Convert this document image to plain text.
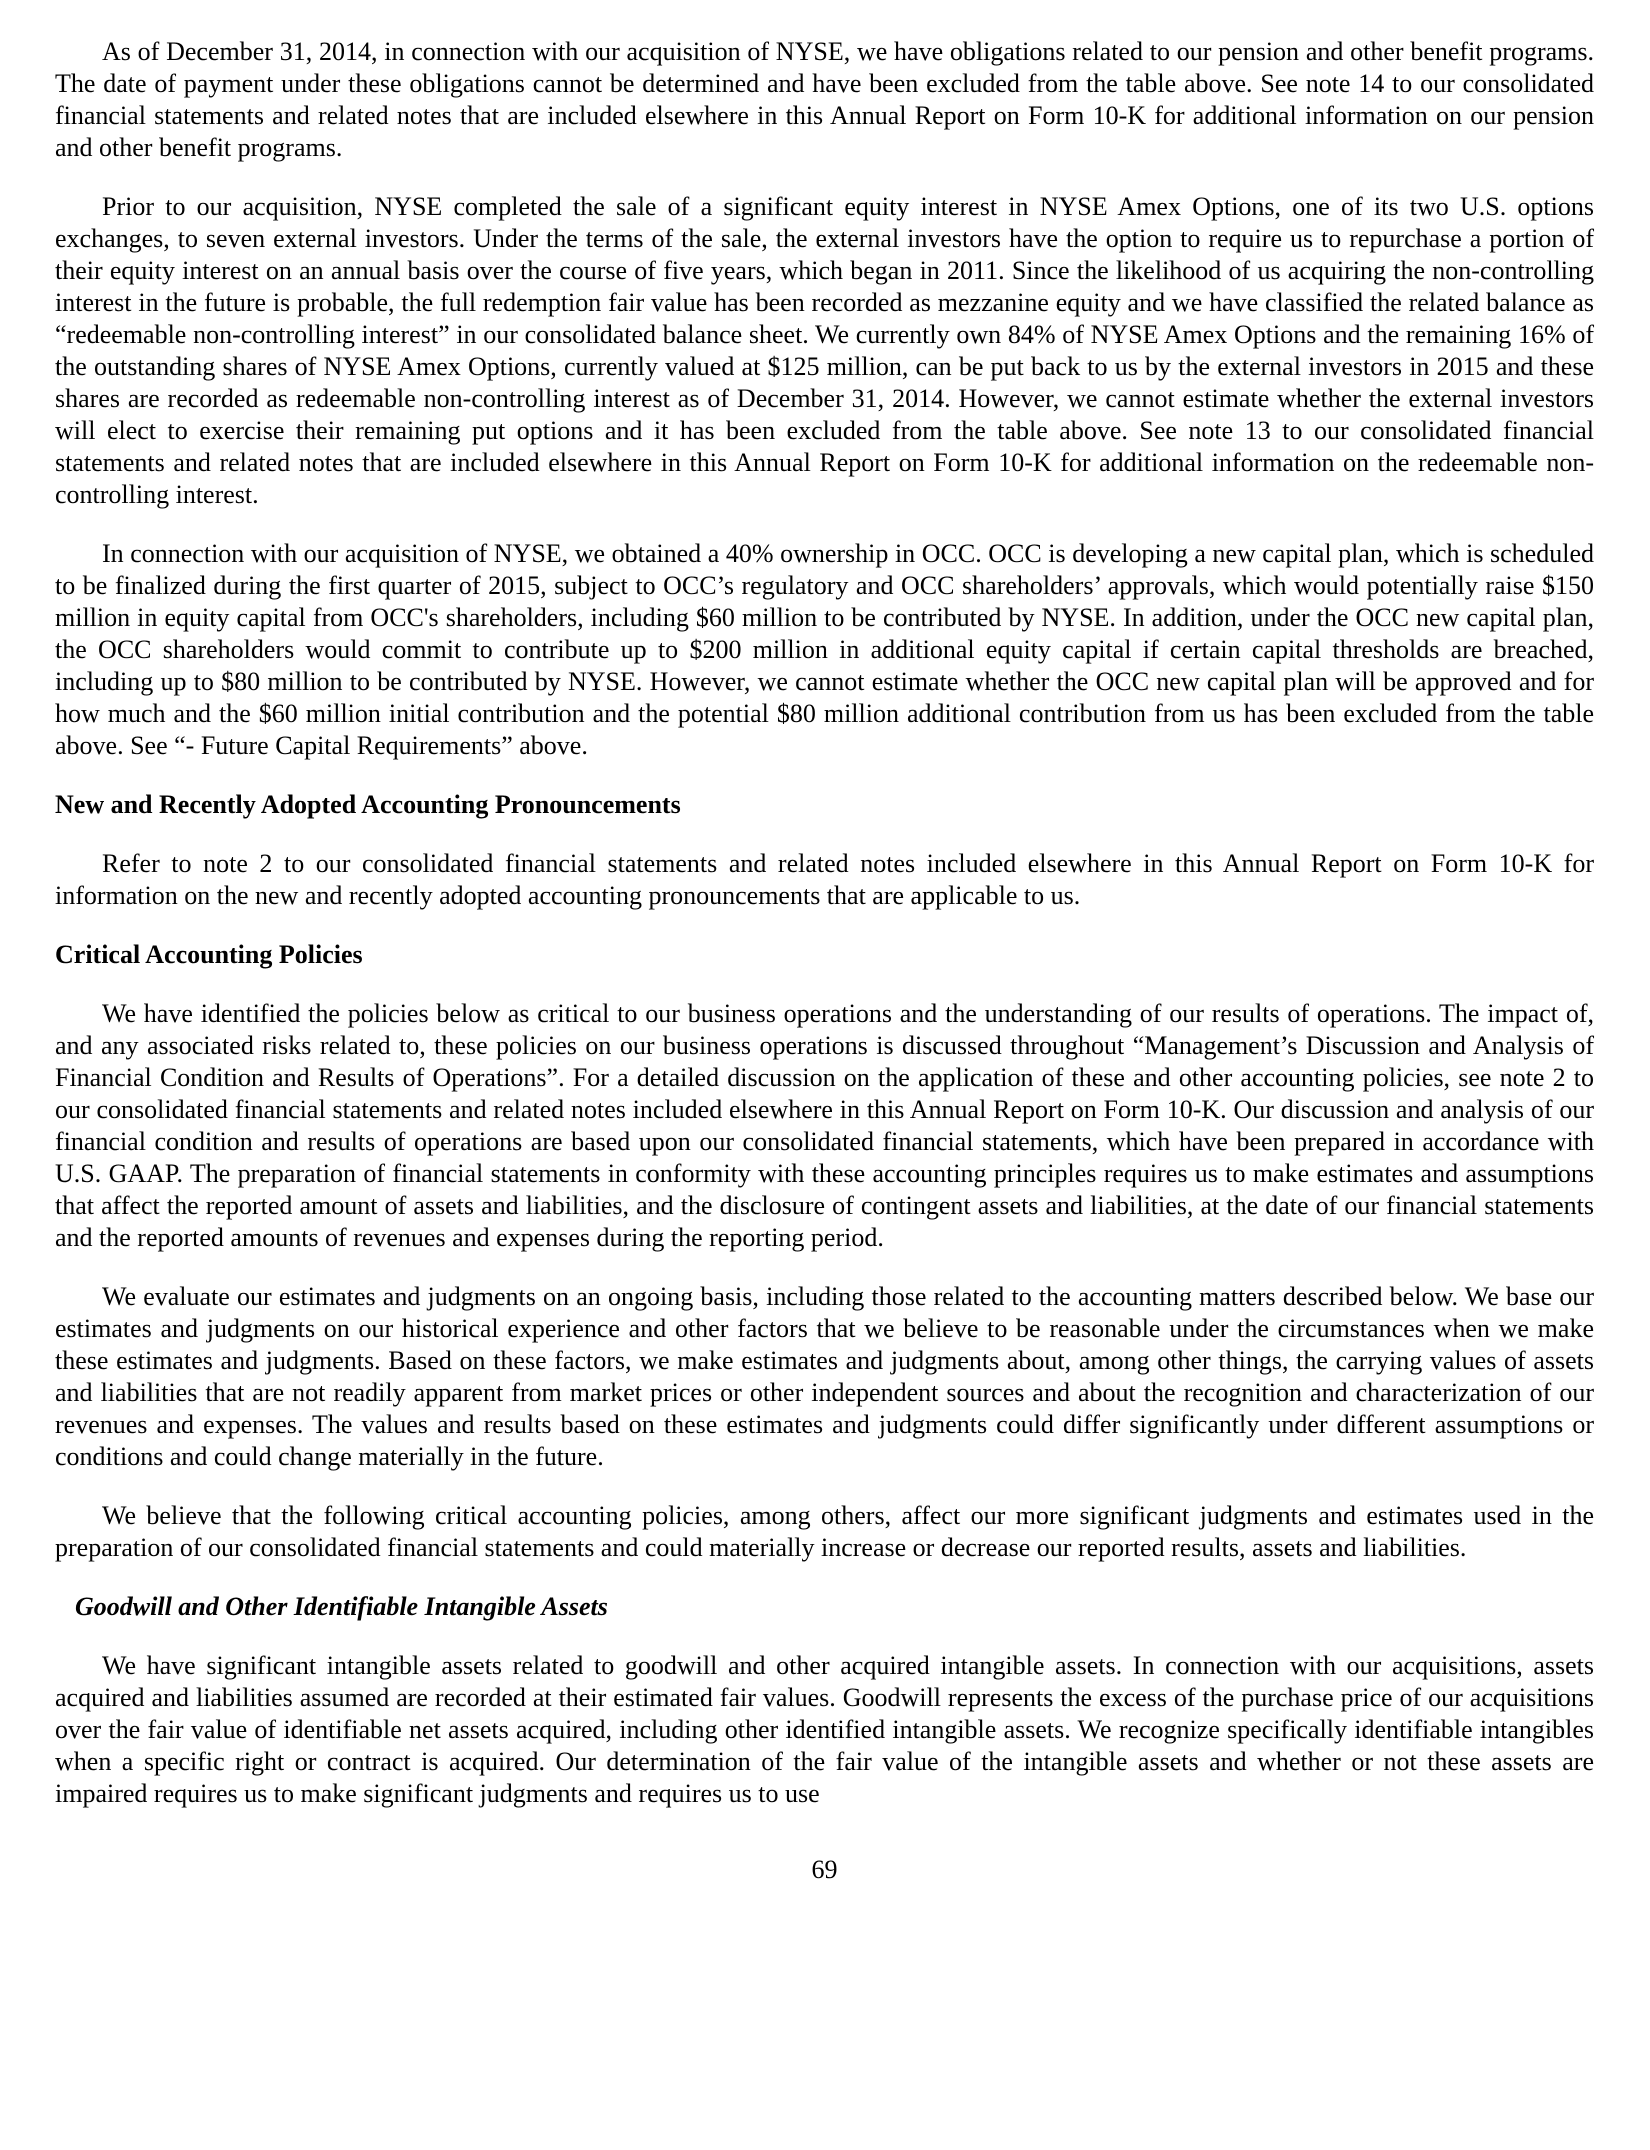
As of December 31, 2014, in connection with our acquisition of NYSE, we have obligations related to our pension and other benefit programs. The date of payment under these obligations cannot be determined and have been excluded from the table above. See note 14 to our consolidated financial statements and related notes that are included elsewhere in this Annual Report on Form 10-K for additional information on our pension and other benefit programs.

Prior to our acquisition, NYSE completed the sale of a significant equity interest in NYSE Amex Options, one of its two U.S. options exchanges, to seven external investors. Under the terms of the sale, the external investors have the option to require us to repurchase a portion of their equity interest on an annual basis over the course of five years, which began in 2011. Since the likelihood of us acquiring the non-controlling interest in the future is probable, the full redemption fair value has been recorded as mezzanine equity and we have classified the related balance as “redeemable non-controlling interest” in our consolidated balance sheet. We currently own 84% of NYSE Amex Options and the remaining 16% of the outstanding shares of NYSE Amex Options, currently valued at $125 million, can be put back to us by the external investors in 2015 and these shares are recorded as redeemable non-controlling interest as of December 31, 2014. However, we cannot estimate whether the external investors will elect to exercise their remaining put options and it has been excluded from the table above. See note 13 to our consolidated financial statements and related notes that are included elsewhere in this Annual Report on Form 10-K for additional information on the redeemable non-controlling interest.

In connection with our acquisition of NYSE, we obtained a 40% ownership in OCC. OCC is developing a new capital plan, which is scheduled to be finalized during the first quarter of 2015, subject to OCC’s regulatory and OCC shareholders’ approvals, which would potentially raise $150 million in equity capital from OCC's shareholders, including $60 million to be contributed by NYSE. In addition, under the OCC new capital plan, the OCC shareholders would commit to contribute up to $200 million in additional equity capital if certain capital thresholds are breached, including up to $80 million to be contributed by NYSE. However, we cannot estimate whether the OCC new capital plan will be approved and for how much and the $60 million initial contribution and the potential $80 million additional contribution from us has been excluded from the table above. See “- Future Capital Requirements” above.

New and Recently Adopted Accounting Pronouncements

Refer to note 2 to our consolidated financial statements and related notes included elsewhere in this Annual Report on Form 10-K for information on the new and recently adopted accounting pronouncements that are applicable to us.

Critical Accounting Policies

We have identified the policies below as critical to our business operations and the understanding of our results of operations. The impact of, and any associated risks related to, these policies on our business operations is discussed throughout “Management’s Discussion and Analysis of Financial Condition and Results of Operations”. For a detailed discussion on the application of these and other accounting policies, see note 2 to our consolidated financial statements and related notes included elsewhere in this Annual Report on Form 10-K. Our discussion and analysis of our financial condition and results of operations are based upon our consolidated financial statements, which have been prepared in accordance with U.S. GAAP. The preparation of financial statements in conformity with these accounting principles requires us to make estimates and assumptions that affect the reported amount of assets and liabilities, and the disclosure of contingent assets and liabilities, at the date of our financial statements and the reported amounts of revenues and expenses during the reporting period.

We evaluate our estimates and judgments on an ongoing basis, including those related to the accounting matters described below. We base our estimates and judgments on our historical experience and other factors that we believe to be reasonable under the circumstances when we make these estimates and judgments. Based on these factors, we make estimates and judgments about, among other things, the carrying values of assets and liabilities that are not readily apparent from market prices or other independent sources and about the recognition and characterization of our revenues and expenses. The values and results based on these estimates and judgments could differ significantly under different assumptions or conditions and could change materially in the future.

We believe that the following critical accounting policies, among others, affect our more significant judgments and estimates used in the preparation of our consolidated financial statements and could materially increase or decrease our reported results, assets and liabilities.

Goodwill and Other Identifiable Intangible Assets

We have significant intangible assets related to goodwill and other acquired intangible assets. In connection with our acquisitions, assets acquired and liabilities assumed are recorded at their estimated fair values. Goodwill represents the excess of the purchase price of our acquisitions over the fair value of identifiable net assets acquired, including other identified intangible assets. We recognize specifically identifiable intangibles when a specific right or contract is acquired. Our determination of the fair value of the intangible assets and whether or not these assets are impaired requires us to make significant judgments and requires us to use

69
